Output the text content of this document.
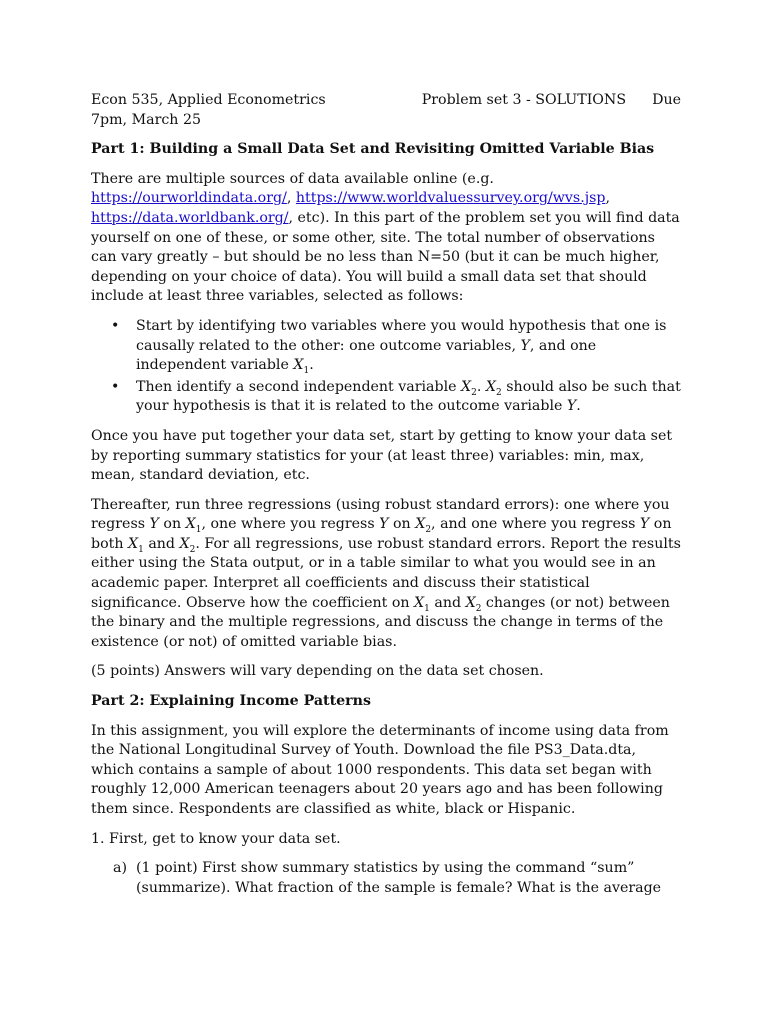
Econ 535, Applied Econometrics	Problem set 3 - SOLUTIONS Due

7pm, March 25

Part 1: Building a Small Data Set and Revisiting Omitted Variable Bias

There are multiple sources of data available online (e.g.
https://ourworldindata.org/, https://www.worldvaluessurvey.org/wvs.jsp,
https://data.worldbank.org/, etc). In this part of the problem set you will find data yourself on one of these, or some other, site. The total number of observations can vary greatly – but should be no less than N=50 (but it can be much higher, depending on your choice of data). You will build a small data set that should include at least three variables, selected as follows:

• Start by identifying two variables where you would hypothesis that one is causally related to the other: one outcome variables, Y, and one independent variable $X_1$.
• Then identify a second independent variable $X_2$. $X_2$ should also be such that your hypothesis is that it is related to the outcome variable Y.

Once you have put together your data set, start by getting to know your data set by reporting summary statistics for your (at least three) variables: min, max, mean, standard deviation, etc.

Thereafter, run three regressions (using robust standard errors): one where you regress Y on $X_1$, one where you regress Y on $X_2$, and one where you regress Y on both $X_1$ and $X_2$. For all regressions, use robust standard errors. Report the results either using the Stata output, or in a table similar to what you would see in an academic paper. Interpret all coefficients and discuss their statistical significance. Observe how the coefficient on $X_1$ and $X_2$ changes (or not) between the binary and the multiple regressions, and discuss the change in terms of the existence (or not) of omitted variable bias.

(5 points) Answers will vary depending on the data set chosen.

Part 2: Explaining Income Patterns

In this assignment, you will explore the determinants of income using data from the National Longitudinal Survey of Youth. Download the file PS3_Data.dta, which contains a sample of about 1000 respondents. This data set began with roughly 12,000 American teenagers about 20 years ago and has been following them since. Respondents are classified as white, black or Hispanic.

1. First, get to know your data set.

a) (1 point) First show summary statistics by using the command “sum” (summarize). What fraction of the sample is female? What is the average
